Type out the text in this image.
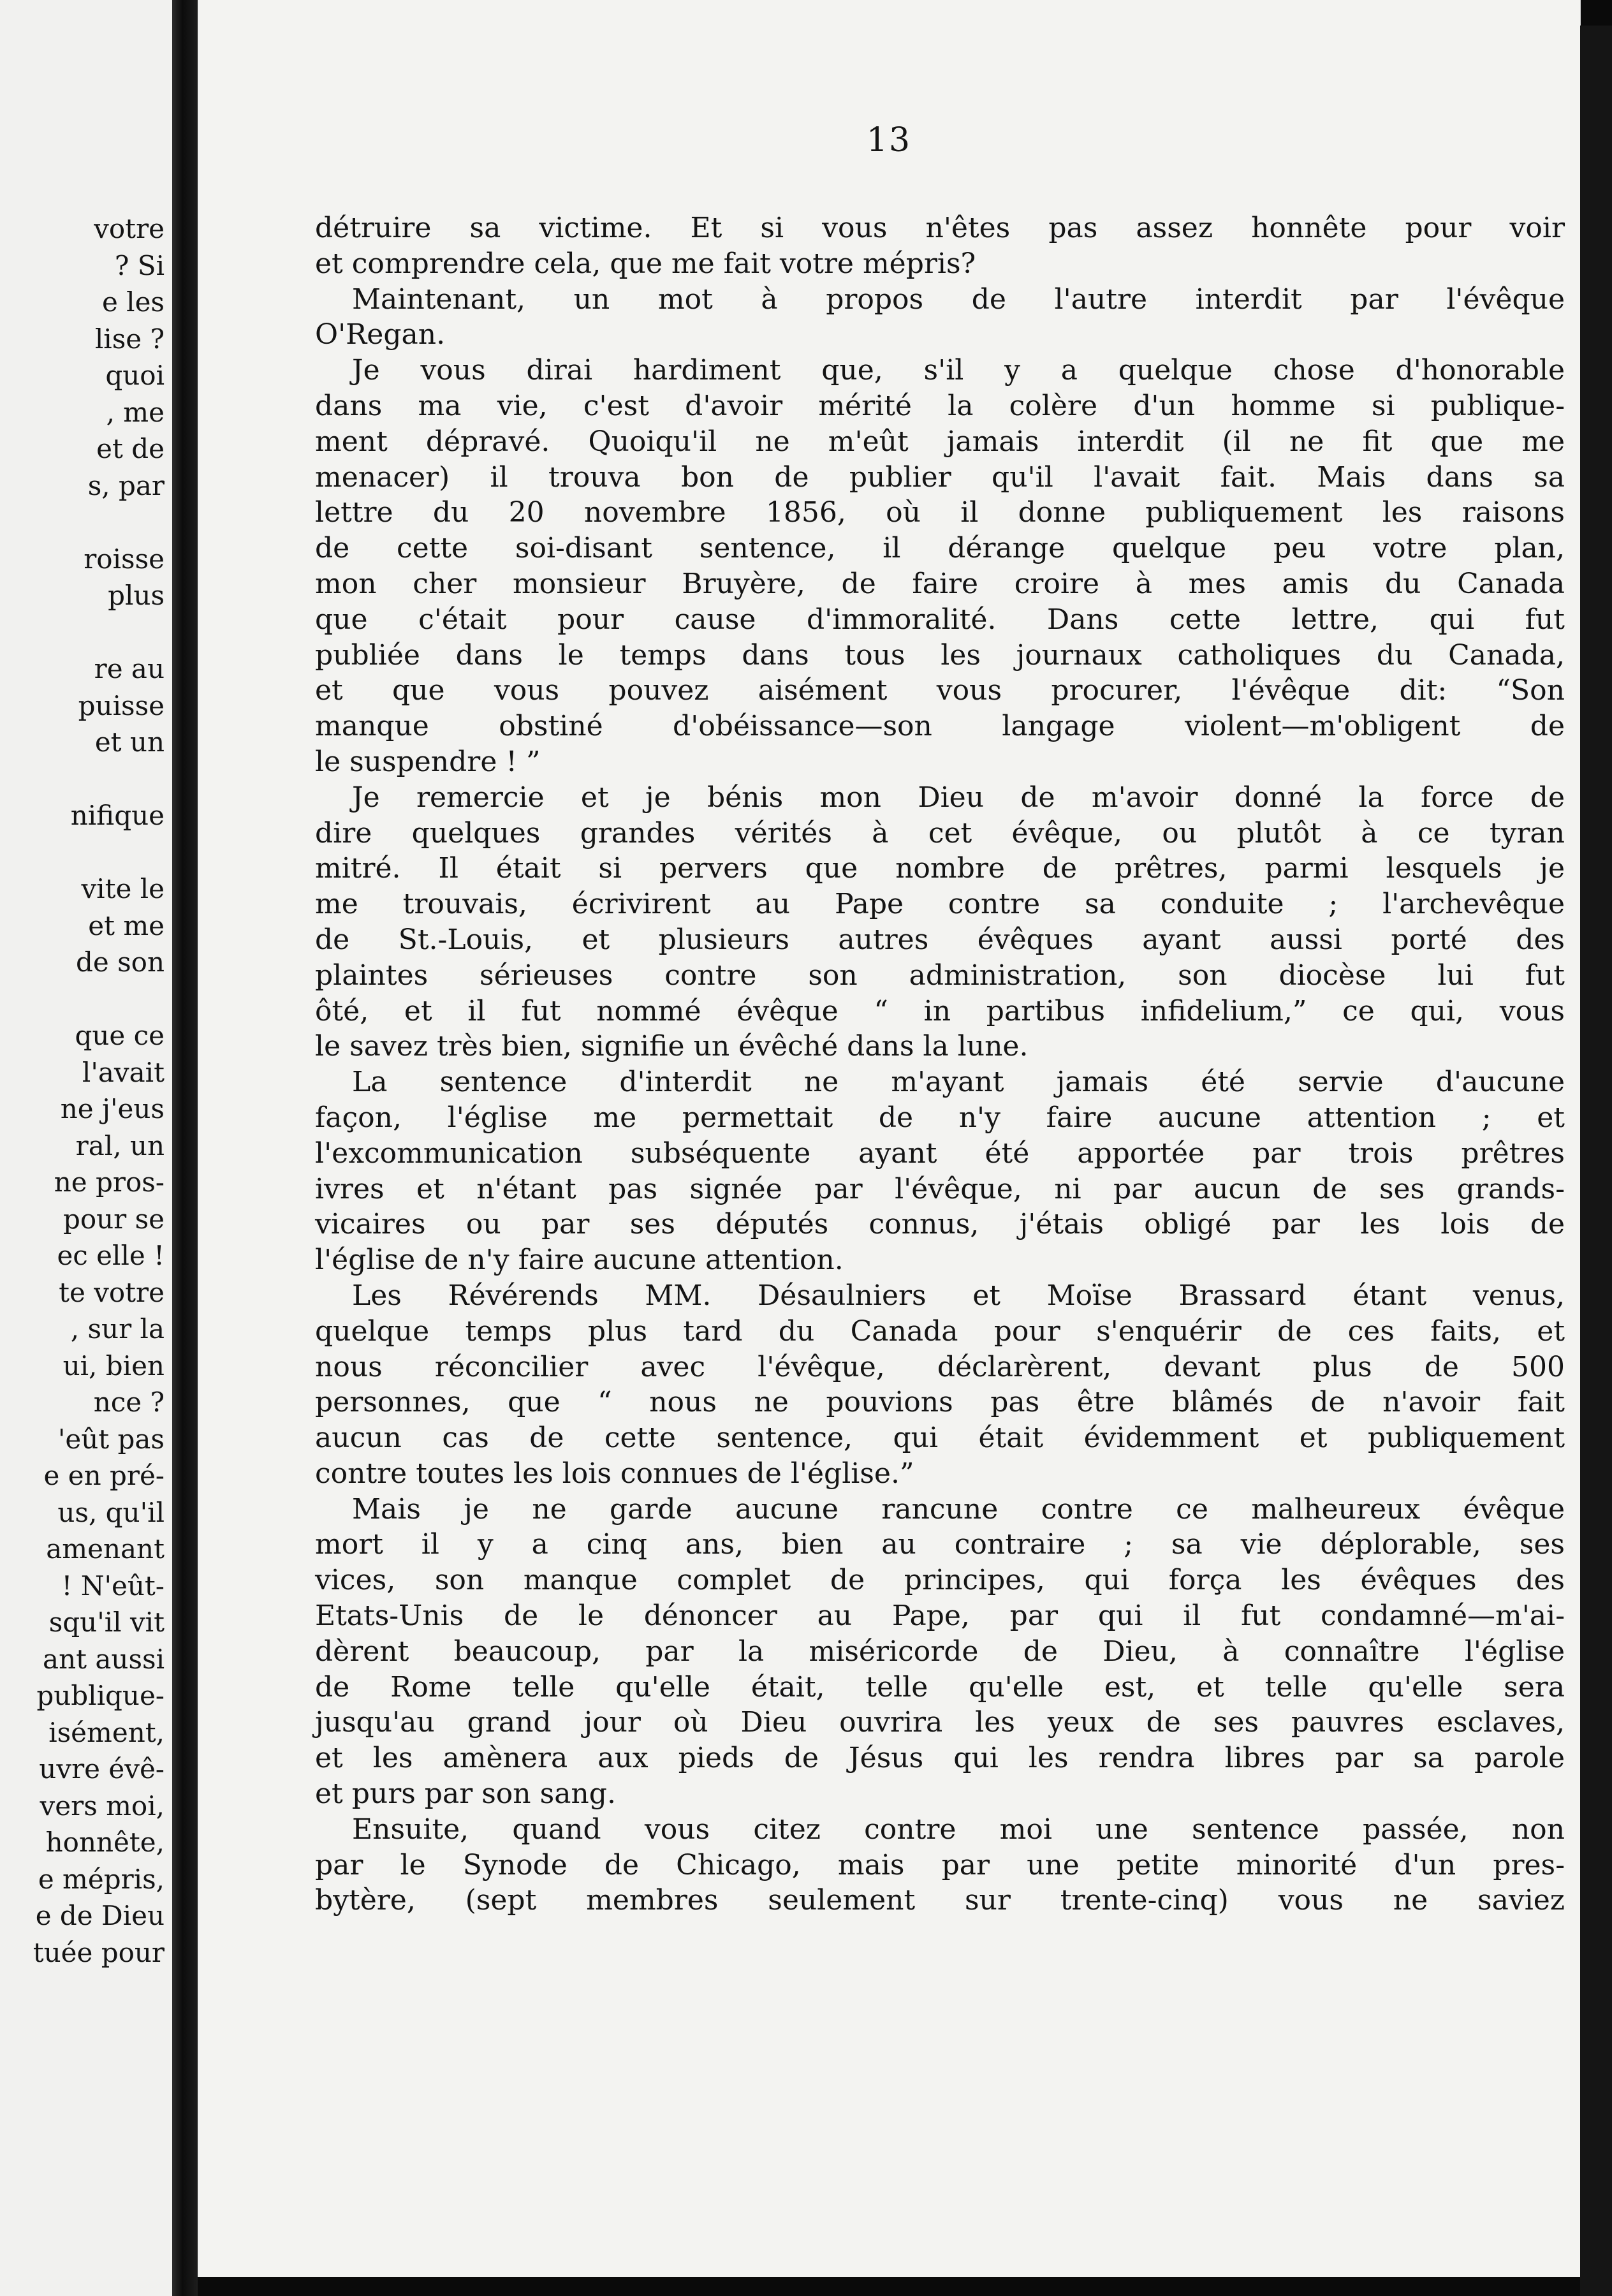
votre
? Si
e les
lise ?
quoi
, me
et de
s, par

roisse
plus

re au
puisse
et un

nifique

vite le
et me
de son

que ce
l'avait
ne j'eus
ral, un
ne pros-
pour se
ec elle !
te votre
, sur la
ui, bien
nce ?
'eût pas
e en pré-
us, qu'il
amenant
! N'eût-
squ'il vit
ant aussi
publique-
isément,
uvre évê-
vers moi,
honnête,
e mépris,
e de Dieu
tuée pour
13
détruire sa victime. Et si vous n'êtes pas assez honnête pour voir
et comprendre cela, que me fait votre mépris?
Maintenant, un mot à propos de l'autre interdit par l'évêque
O'Regan.
Je vous dirai hardiment que, s'il y a quelque chose d'honorable
dans ma vie, c'est d'avoir mérité la colère d'un homme si publique-
ment dépravé. Quoiqu'il ne m'eût jamais interdit (il ne fit que me
menacer) il trouva bon de publier qu'il l'avait fait. Mais dans sa
lettre du 20 novembre 1856, où il donne publiquement les raisons
de cette soi-disant sentence, il dérange quelque peu votre plan,
mon cher monsieur Bruyère, de faire croire à mes amis du Canada
que c'était pour cause d'immoralité. Dans cette lettre, qui fut
publiée dans le temps dans tous les journaux catholiques du Canada,
et que vous pouvez aisément vous procurer, l'évêque dit: “Son
manque obstiné d'obéissance—son langage violent—m'obligent de
le suspendre ! ”
Je remercie et je bénis mon Dieu de m'avoir donné la force de
dire quelques grandes vérités à cet évêque, ou plutôt à ce tyran
mitré. Il était si pervers que nombre de prêtres, parmi lesquels je
me trouvais, écrivirent au Pape contre sa conduite ; l'archevêque
de St.-Louis, et plusieurs autres évêques ayant aussi porté des
plaintes sérieuses contre son administration, son diocèse lui fut
ôté, et il fut nommé évêque “ in partibus infidelium,” ce qui, vous
le savez très bien, signifie un évêché dans la lune.
La sentence d'interdit ne m'ayant jamais été servie d'aucune
façon, l'église me permettait de n'y faire aucune attention ; et
l'excommunication subséquente ayant été apportée par trois prêtres
ivres et n'étant pas signée par l'évêque, ni par aucun de ses grands-
vicaires ou par ses députés connus, j'étais obligé par les lois de
l'église de n'y faire aucune attention.
Les Révérends MM. Désaulniers et Moïse Brassard étant venus,
quelque temps plus tard du Canada pour s'enquérir de ces faits, et
nous réconcilier avec l'évêque, déclarèrent, devant plus de 500
personnes, que “ nous ne pouvions pas être blâmés de n'avoir fait
aucun cas de cette sentence, qui était évidemment et publiquement
contre toutes les lois connues de l'église.”
Mais je ne garde aucune rancune contre ce malheureux évêque
mort il y a cinq ans, bien au contraire ; sa vie déplorable, ses
vices, son manque complet de principes, qui força les évêques des
Etats-Unis de le dénoncer au Pape, par qui il fut condamné—m'ai-
dèrent beaucoup, par la miséricorde de Dieu, à connaître l'église
de Rome telle qu'elle était, telle qu'elle est, et telle qu'elle sera
jusqu'au grand jour où Dieu ouvrira les yeux de ses pauvres esclaves,
et les amènera aux pieds de Jésus qui les rendra libres par sa parole
et purs par son sang.
Ensuite, quand vous citez contre moi une sentence passée, non
par le Synode de Chicago, mais par une petite minorité d'un pres-
bytère, (sept membres seulement sur trente-cinq) vous ne saviez
